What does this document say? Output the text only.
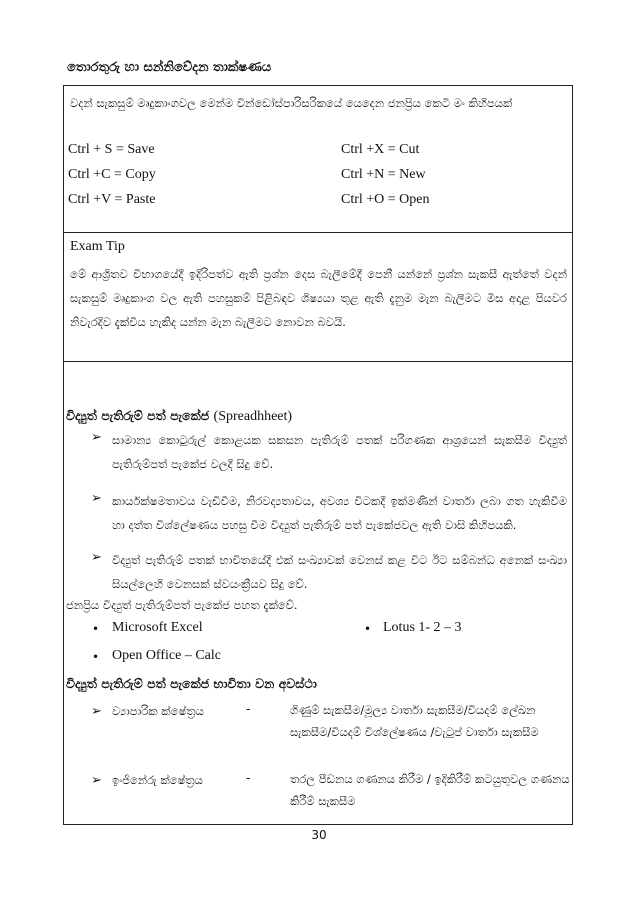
තොරතුරු හා සන්නිවේදන තාක්ෂණය
වදන් සැකසුම් මෘදුකාංගවල මෙන්ම වින්ඩෝස්පාරිසරිකයේ යෙදෙන ජනප්‍රිය කෙටි මං කිහිපයක්
Ctrl + S = Save	Ctrl +X = Cut
Ctrl +C = Copy	Ctrl +N = New
Ctrl +V = Paste	Ctrl +O = Open
Exam Tip
මේ ආශ්‍රිතව විභාගයේදී ඉදිරිපත්ව ඇති ප්‍රශ්න දෙස බැලීමේදී පෙනී යන්නේ ප්‍රශ්න සැකසී ඇත්තේ වදන් සැකසුම් මෘදුකාංග වල ඇති පහසුකම් පිළිබඳව ශිෂ්‍යයා තුළ ඇති දැනුම මැන බැලීමට මිස අදාළ පියවර නිවැරදිව දැක්විය හැකිද යන්න මැන බැලීමට නොවන බවයි.
විද්‍යුත් පැතිරුම් පත් පැකේජ (Spreadhheet)
➢ සාමාන්‍ය කොටුරුල් කොළයක සකසන පැතිරුම් පතක් පරිගණක ආශ්‍රයෙන් සැකසීම විද්‍යුත් පැතිරුම්පත් පැකේජ වලදී සිදු වේ.
➢ කාර්යක්ෂමතාවය වැඩිවීම, නිරවද්‍යතාවය, අවශ්‍ය විටකදී ඉක්මණින් වාර්තා ලබා ගත හැකිවීම හා දත්ත විශ්ලේෂණය පහසු වීම විද්‍යුත් පැතිරුම් පත් පැකේජවල ඇති වාසි කිහිපයකි.
➢ විද්‍යුත් පැතිරුම් පතක් භාවිතයේදී එක් සංඛ්‍යාවක් වෙනස් කළ විට ඊට සම්බන්ධ අනෙක් සංඛ්‍යා සියල්ලෙහි වෙනසක් ස්වයංක්‍රීයව සිදු වේ.
ජනප්‍රිය විද්‍යුත් පැතිරුම්පත් පැකේජ පහත දැක්වේ.
• Microsoft Excel	• Lotus 1- 2 – 3
• Open Office – Calc
විද්‍යුත් පැතිරුම් පත් පැකේජ භාවිතා වන අවස්ථා
➢ ව්‍යාපාරික ක්ෂේත්‍රය	-	ගිණුම් සැකසීම/මූල්‍ය වාර්තා සැකසීම/වියදම් ලේඛන සැකසීම/වියදම් විශ්ලේෂණය /වැටුප් වාර්තා සැකසීම
➢ ඉංජිනේරු ක්ෂේත්‍රය	-	තරල පීඩනය ගණනය කිරීම / ඉදිකිරීම් කටයුතුවල ගණනය කිරීම් සැකසීම
30
